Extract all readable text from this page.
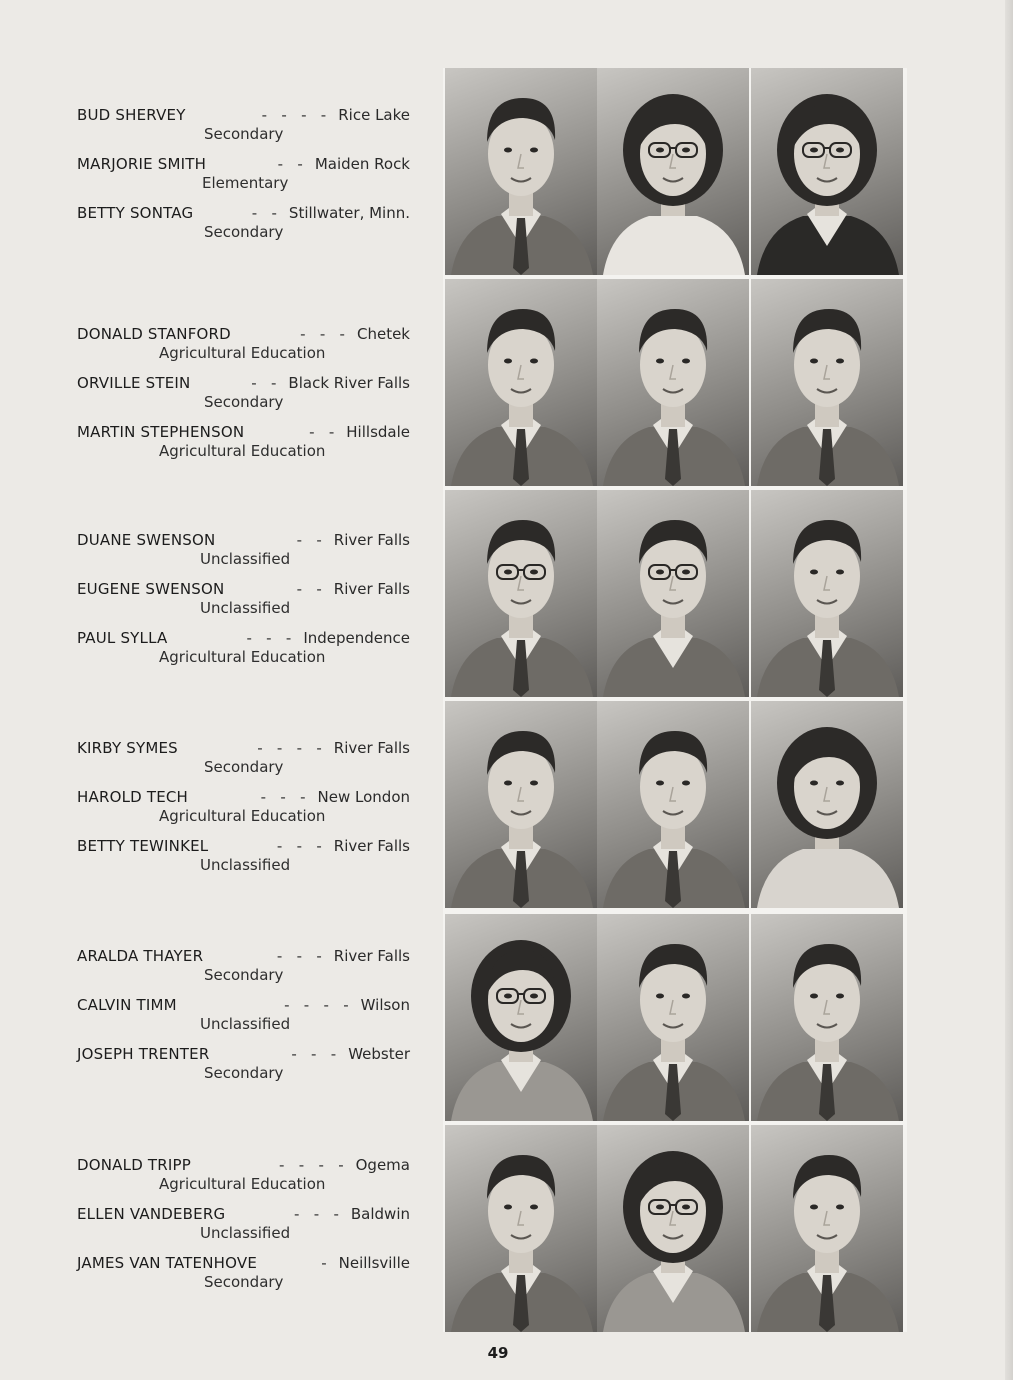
BUD SHERVEY	-   -   -   - Rice Lake
Secondary
MARJORIE SMITH	-   - Maiden Rock
Elementary
BETTY SONTAG	-   - Stillwater, Minn.
Secondary
DONALD STANFORD	-   -   - Chetek
Agricultural Education
ORVILLE STEIN	-   - Black River Falls
Secondary
MARTIN STEPHENSON	-   - Hillsdale
Agricultural Education
DUANE SWENSON	-   - River Falls
Unclassified
EUGENE SWENSON	-   - River Falls
Unclassified
PAUL SYLLA	-   -   - Independence
Agricultural Education
KIRBY SYMES	-   -   -   - River Falls
Secondary
HAROLD TECH	-   -   - New London
Agricultural Education
BETTY TEWINKEL	-   -   - River Falls
Unclassified
ARALDA THAYER	-   -   - River Falls
Secondary
CALVIN TIMM	-   -   -   - Wilson
Unclassified
JOSEPH TRENTER	-   -   - Webster
Secondary
DONALD TRIPP	-   -   -   - Ogema
Agricultural Education
ELLEN VANDEBERG	-   -   - Baldwin
Unclassified
JAMES VAN TATENHOVE	- Neillsville
Secondary
49
